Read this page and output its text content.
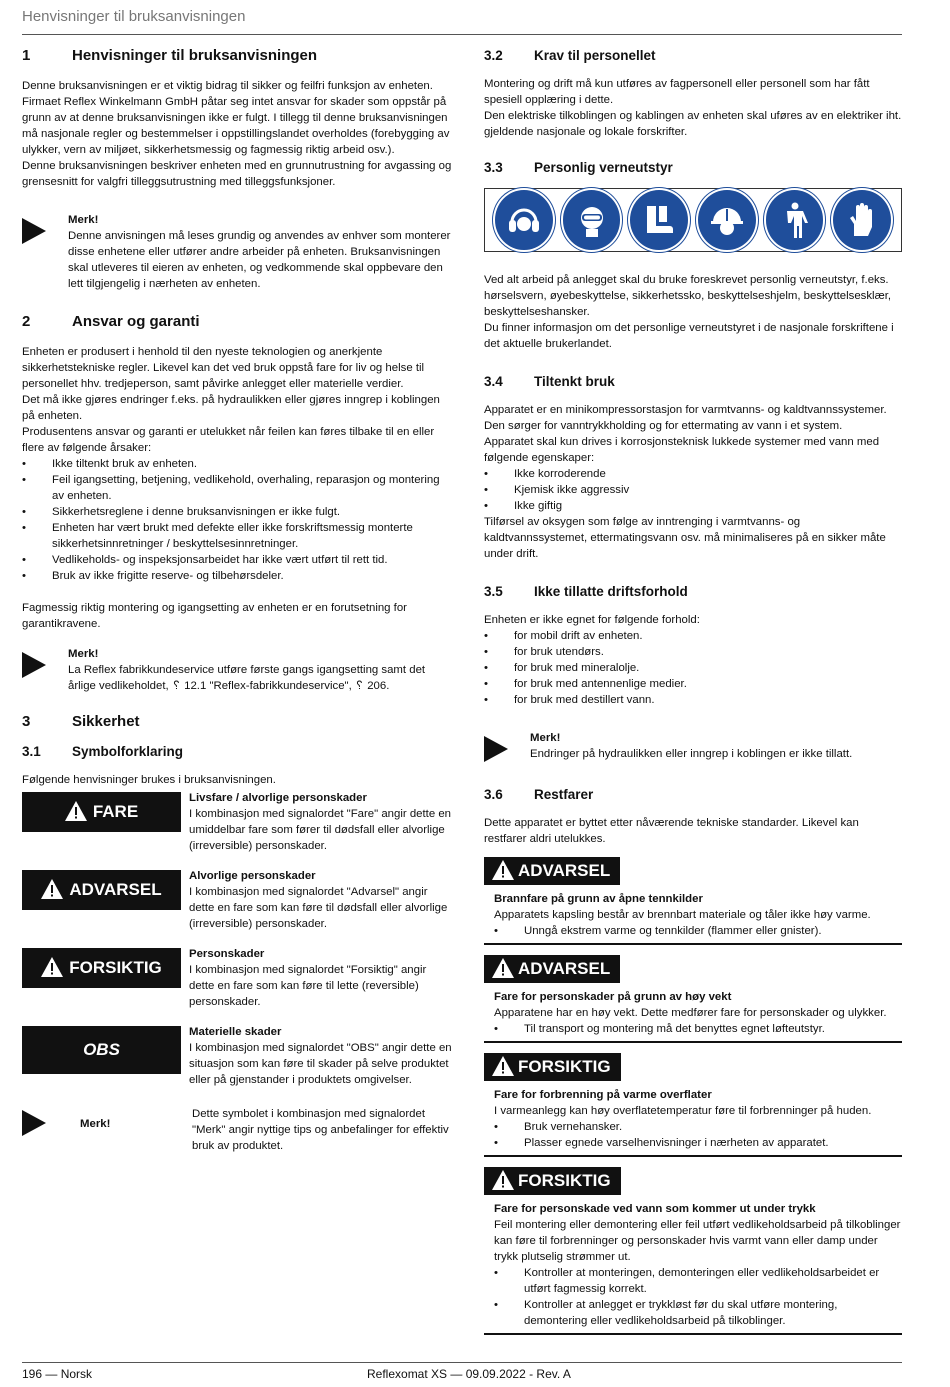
Henvisninger til bruksanvisningen
1	Henvisninger til bruksanvisningen

Denne bruksanvisningen er et viktig bidrag til sikker og feilfri funksjon av enheten.

Firmaet Reflex Winkelmann GmbH påtar seg intet ansvar for skader som oppstår på grunn av at denne bruksanvisningen ikke er fulgt. I tillegg til denne bruksanvisningen må nasjonale regler og bestemmelser i oppstillingslandet overholdes (forebygging av ulykker, vern av miljøet, sikkerhetsmessig og fagmessig riktig arbeid osv.).

Denne bruksanvisningen beskriver enheten med en grunnutrustning for avgassing og grensesnitt for valgfri tilleggsutrustning med tilleggsfunksjoner.

Merk!
Denne anvisningen må leses grundig og anvendes av enhver som monterer disse enhetene eller utfører andre arbeider på enheten. Bruksanvisningen skal utleveres til eieren av enheten, og vedkommende skal oppbevare den lett tilgjengelig i nærheten av enheten.
2	Ansvar og garanti

Enheten er produsert i henhold til den nyeste teknologien og anerkjente sikkerhetstekniske regler. Likevel kan det ved bruk oppstå fare for liv og helse til personellet hhv. tredjeperson, samt påvirke anlegget eller materielle verdier.

Det må ikke gjøres endringer f.eks. på hydraulikken eller gjøres inngrep i koblingen på enheten.

Produsentens ansvar og garanti er utelukket når feilen kan føres tilbake til en eller flere av følgende årsaker:

• Ikke tiltenkt bruk av enheten.
• Feil igangsetting, betjening, vedlikehold, overhaling, reparasjon og montering av enheten.
• Sikkerhetsreglene i denne bruksanvisningen er ikke fulgt.
• Enheten har vært brukt med defekte eller ikke forskriftsmessig monterte sikkerhetsinnretninger / beskyttelsesinnretninger.
• Vedlikeholds- og inspeksjonsarbeidet har ikke vært utført til rett tid.
• Bruk av ikke frigitte reserve- og tilbehørsdeler.

Fagmessig riktig montering og igangsetting av enheten er en forutsetning for garantikravene.

Merk!
La Reflex fabrikkundeservice utføre første gangs igangsetting samt det årlige vedlikeholdet, ␦ 12.1 "Reflex-fabrikkundeservice", ␦ 206.
3	Sikkerhet
3.1	Symbolforklaring

Følgende henvisninger brukes i bruksanvisningen.

FARE
Livsfare / alvorlige personskader
I kombinasjon med signalordet "Fare" angir dette en umiddelbar fare som fører til dødsfall eller alvorlige (irreversible) personskader.
ADVARSEL
Alvorlige personskader
I kombinasjon med signalordet "Advarsel" angir dette en fare som kan føre til dødsfall eller alvorlige (irreversible) personskader.
FORSIKTIG
Personskader
I kombinasjon med signalordet "Forsiktig" angir dette en fare som kan føre til lette (reversible) personskader.
OBS
Materielle skader
I kombinasjon med signalordet "OBS" angir dette en situasjon som kan føre til skader på selve produktet eller på gjenstander i produktets omgivelser.
Merk!
Dette symbolet i kombinasjon med signalordet "Merk" angir nyttige tips og anbefalinger for effektiv bruk av produktet.
3.2	Krav til personellet

Montering og drift må kun utføres av fagpersonell eller personell som har fått spesiell opplæring i dette.

Den elektriske tilkoblingen og kablingen av enheten skal uføres av en elektriker iht. gjeldende nasjonale og lokale forskrifter.

3.3	Personlig verneutstyr

Ved alt arbeid på anlegget skal du bruke foreskrevet personlig verneutstyr, f.eks. hørselsvern, øyebeskyttelse, sikkerhetssko, beskyttelseshjelm, beskyttelsesklær, beskyttelseshansker.

Du finner informasjon om det personlige verneutstyret i de nasjonale forskriftene i det aktuelle brukerlandet.

3.4	Tiltenkt bruk

Apparatet er en minikompressorstasjon for varmtvanns- og kaldtvannssystemer. Den sørger for vanntrykkholding og for ettermating av vann i et system.

Apparatet skal kun drives i korrosjonsteknisk lukkede systemer med vann med følgende egenskaper:

• Ikke korroderende
• Kjemisk ikke aggressiv
• Ikke giftig

Tilførsel av oksygen som følge av inntrenging i varmtvanns- og kaldtvannssystemet, ettermatingsvann osv. må minimaliseres på en sikker måte under drift.

3.5	Ikke tillatte driftsforhold

Enheten er ikke egnet for følgende forhold:

• for mobil drift av enheten.
• for bruk utendørs.
• for bruk med mineralolje.
• for bruk med antennenlige medier.
• for bruk med destillert vann.
Merk!
Endringer på hydraulikken eller inngrep i koblingen er ikke tillatt.
3.6	Restfarer

Dette apparatet er byttet etter nåværende tekniske standarder. Likevel kan restfarer aldri utelukkes.

ADVARSEL
Brannfare på grunn av åpne tennkilder

Apparatets kapsling består av brennbart materiale og tåler ikke høy varme.

• Unngå ekstrem varme og tennkilder (flammer eller gnister).
ADVARSEL
Fare for personskader på grunn av høy vekt

Apparatene har en høy vekt. Dette medfører fare for personskader og ulykker.

• Til transport og montering må det benyttes egnet løfteutstyr.
FORSIKTIG
Fare for forbrenning på varme overflater

I varmeanlegg kan høy overflatetemperatur føre til forbrenninger på huden.

• Bruk vernehansker.
• Plasser egnede varselhenvisninger i nærheten av apparatet.
FORSIKTIG
Fare for personskade ved vann som kommer ut under trykk

Feil montering eller demontering eller feil utført vedlikeholdsarbeid på tilkoblinger kan føre til forbrenninger og personskader hvis varmt vann eller damp under trykk plutselig strømmer ut.

• Kontroller at monteringen, demonteringen eller vedlikeholdsarbeidet er utført fagmessig korrekt.
• Kontroller at anlegget er trykkløst før du skal utføre montering, demontering eller vedlikeholdsarbeid på tilkoblinger.
196 — Norsk	Reflexomat XS — 09.09.2022 - Rev. A
